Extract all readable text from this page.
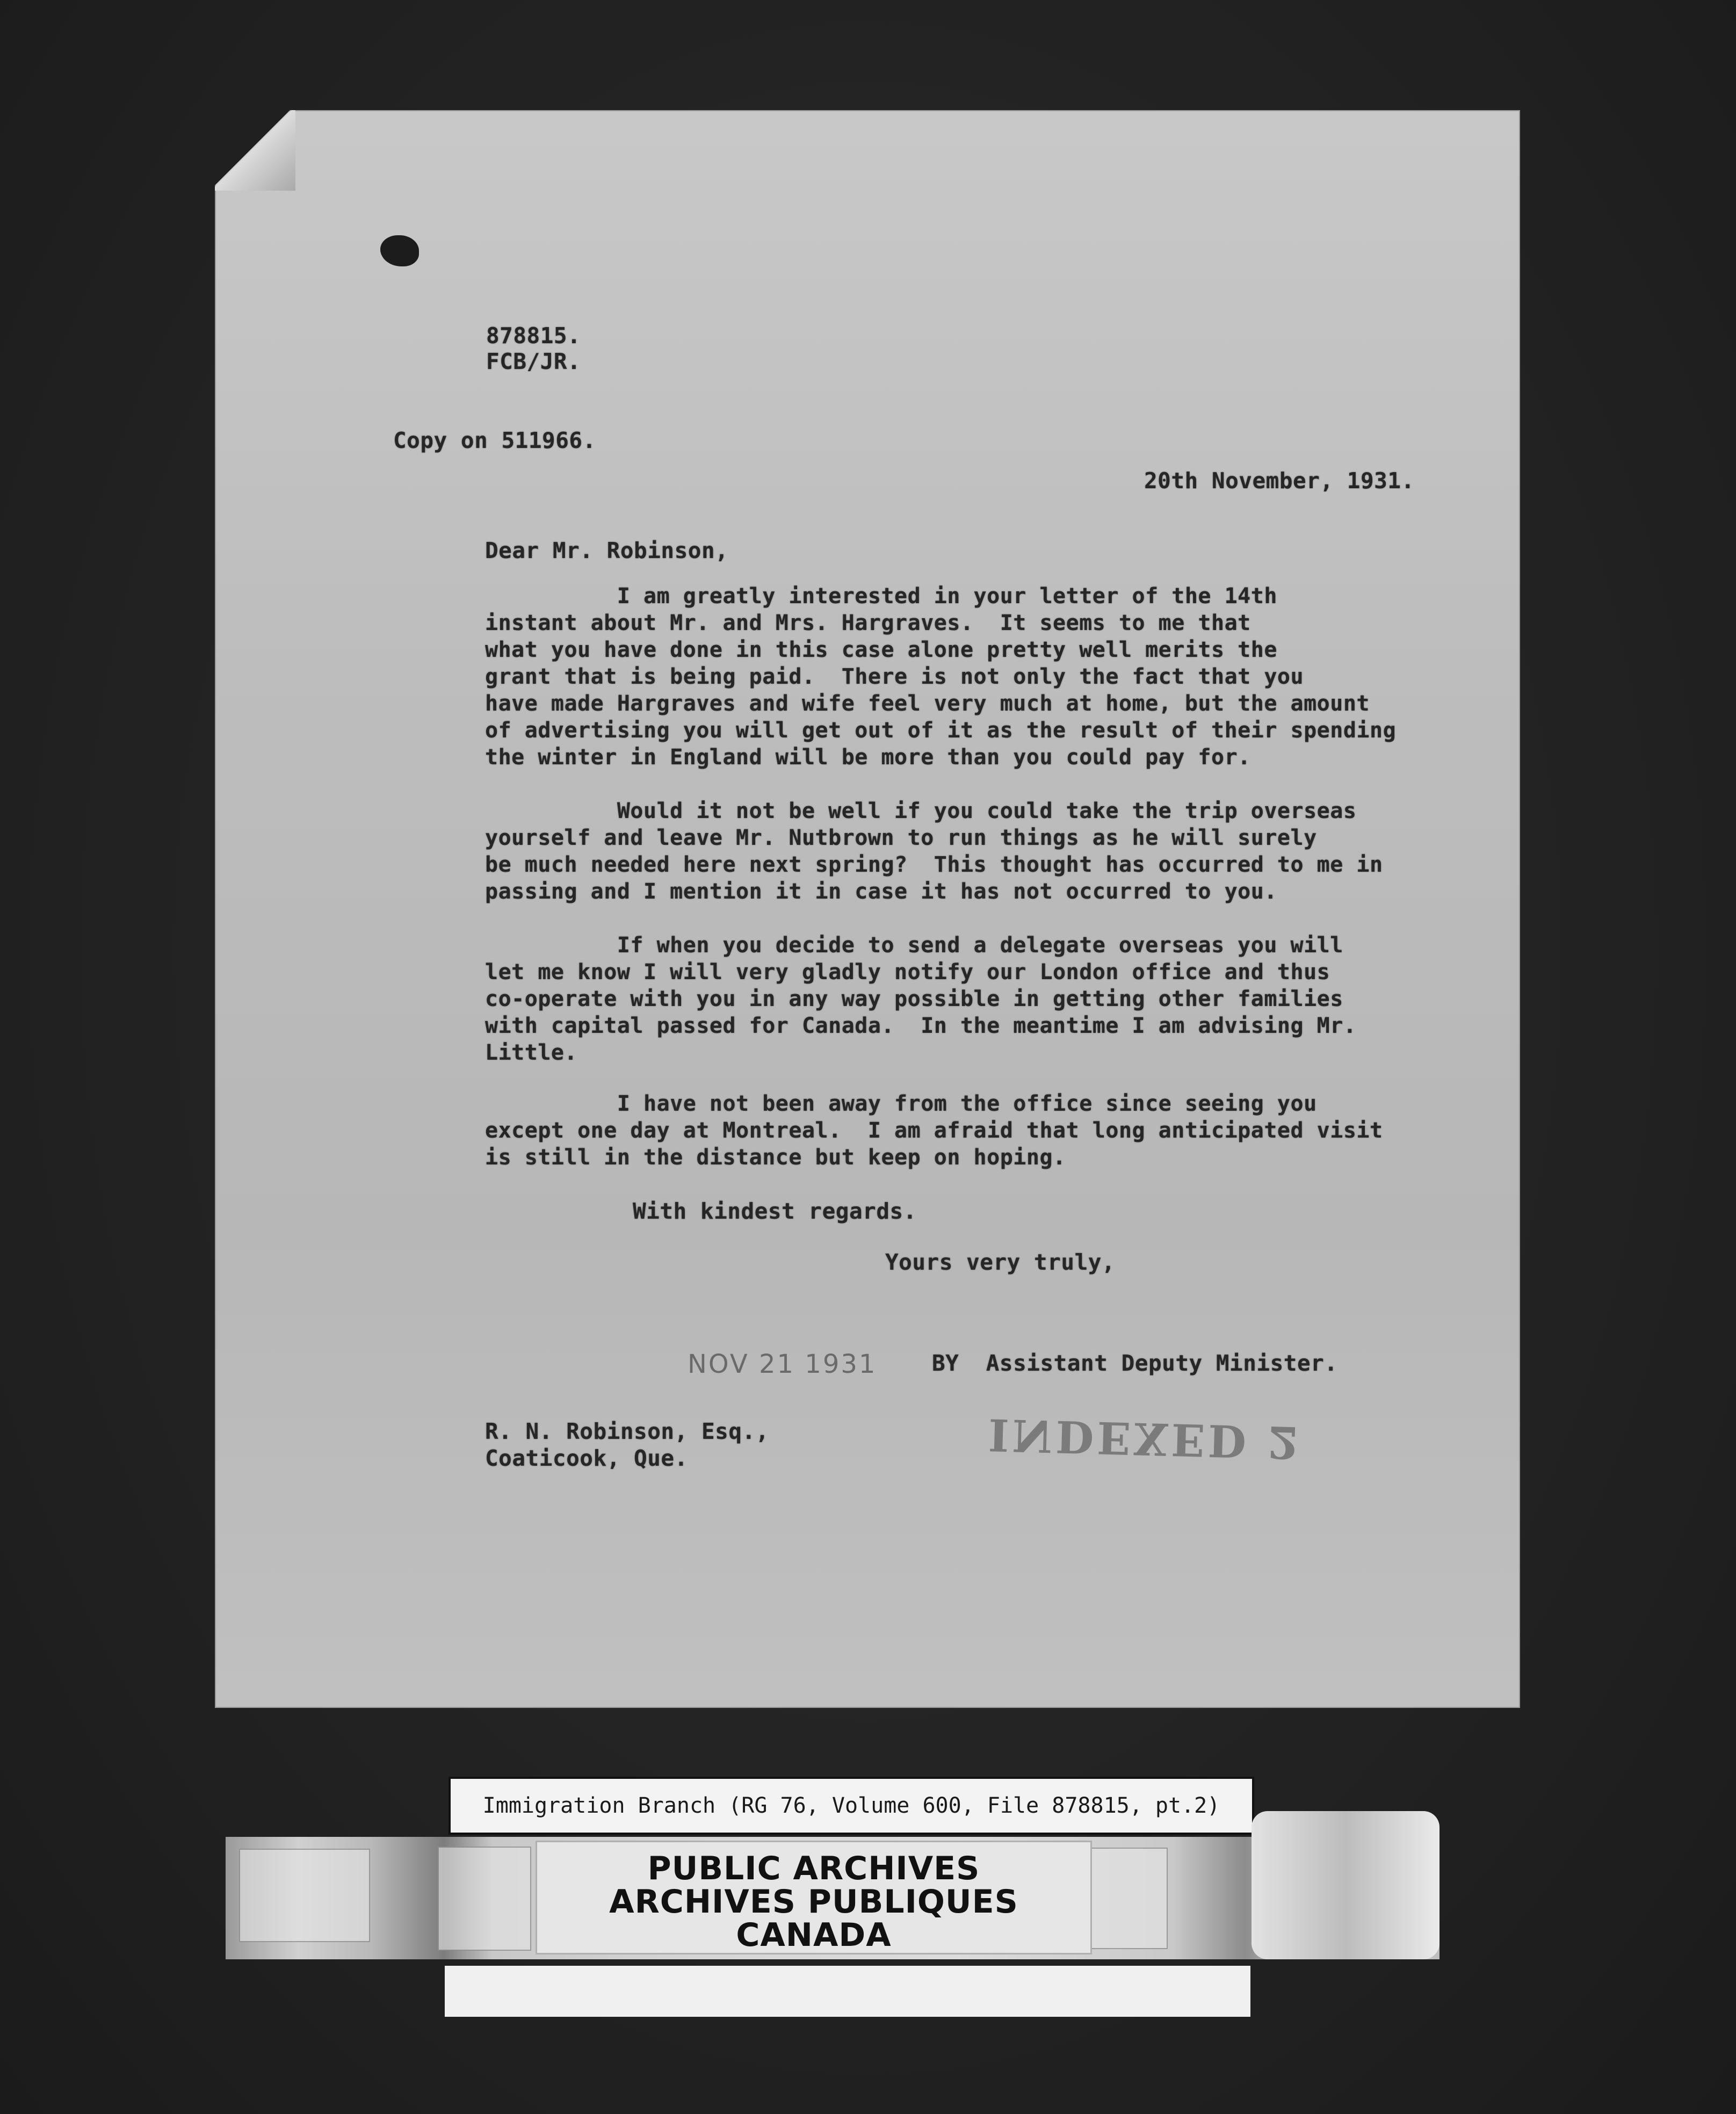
878815.
FCB/JR.
Copy on 511966.
20th November, 1931.
Dear Mr. Robinson,
I am greatly interested in your letter of the 14th
instant about Mr. and Mrs. Hargraves.  It seems to me that
what you have done in this case alone pretty well merits the
grant that is being paid.  There is not only the fact that you
have made Hargraves and wife feel very much at home, but the amount
of advertising you will get out of it as the result of their spending
the winter in England will be more than you could pay for.
Would it not be well if you could take the trip overseas
yourself and leave Mr. Nutbrown to run things as he will surely
be much needed here next spring?  This thought has occurred to me in
passing and I mention it in case it has not occurred to you.
If when you decide to send a delegate overseas you will
let me know I will very gladly notify our London office and thus
co-operate with you in any way possible in getting other families
with capital passed for Canada.  In the meantime I am advising Mr.
Little.
I have not been away from the office since seeing you
except one day at Montreal.  I am afraid that long anticipated visit
is still in the distance but keep on hoping.
With kindest regards.
Yours very truly,
NOV 21 1931	BY  Assistant Deputy Minister.
R. N. Robinson, Esq.,
Coaticook, Que.	INDEXED 2
Immigration Branch (RG 76, Volume 600, File 878815, pt.2)
PUBLIC ARCHIVES
ARCHIVES PUBLIQUES
CANADA
